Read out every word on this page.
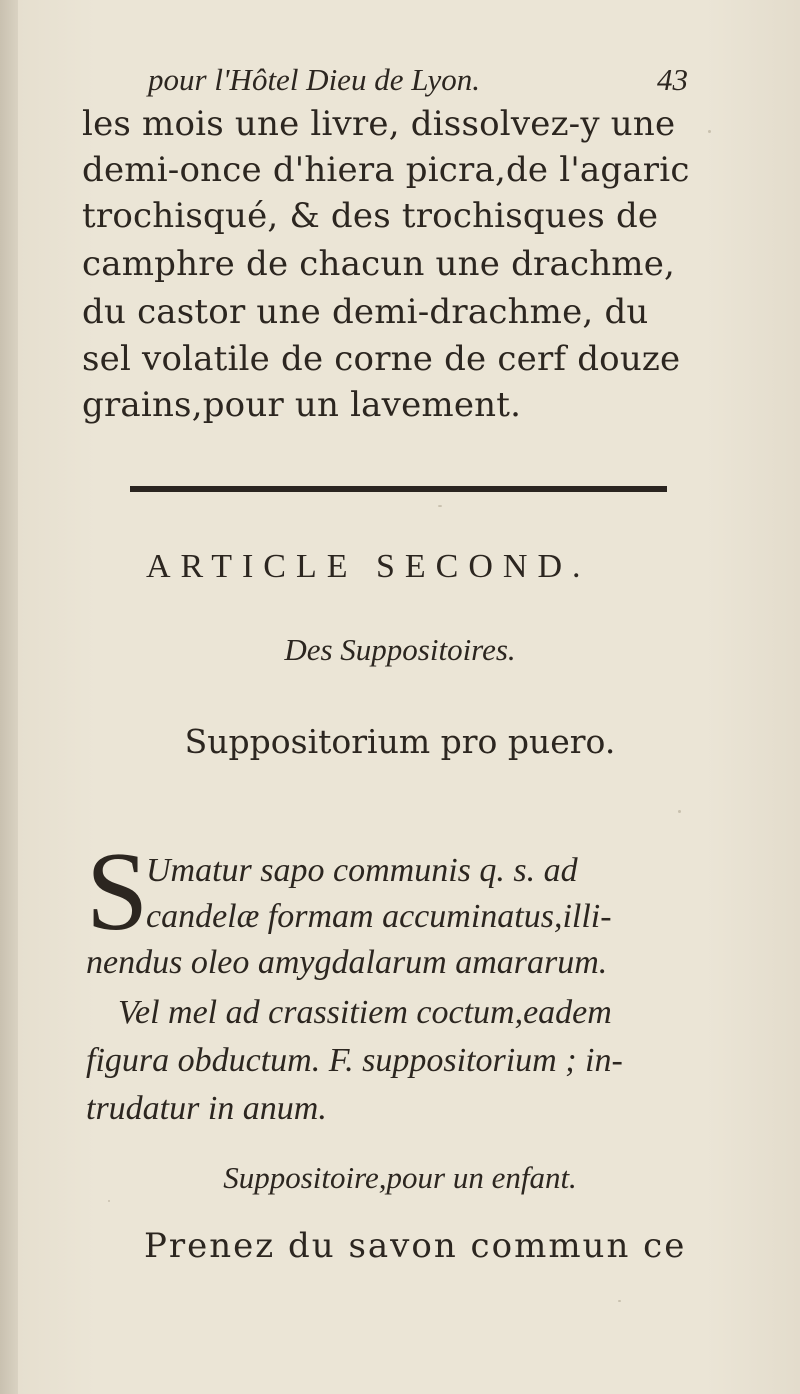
pour l'Hôtel Dieu de Lyon.	43

les mois une livre, dissolvez-y une

demi-once d'hiera picra,de l'agaric

trochisqué, & des trochisques de

camphre de chacun une drachme,

du castor une demi-drachme, du

sel volatile de corne de cerf douze

grains,pour un lavement.

ARTICLE SECOND.

Des Suppositoires.

Suppositorium pro puero.

S

Umatur sapo communis q. s. ad

candelæ formam accuminatus,illi-

nendus oleo amygdalarum amararum.

Vel mel ad crassitiem coctum,eadem

figura obductum. F. suppositorium ; in-

trudatur in anum.

Suppositoire,pour un enfant.

Prenez du savon commun ce
